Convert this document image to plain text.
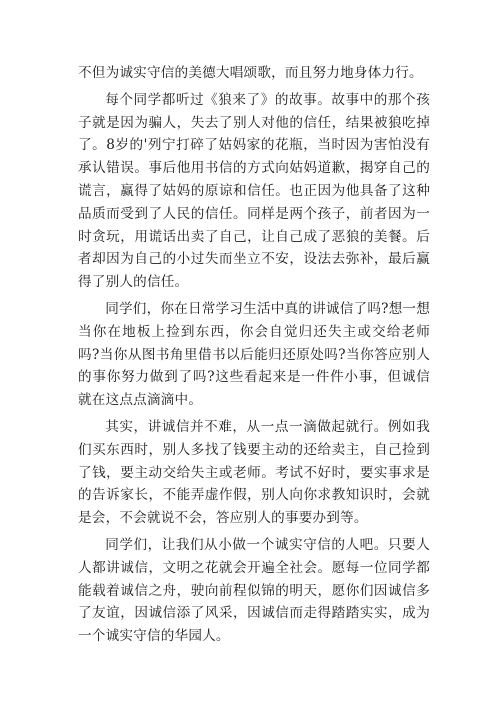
不但为诚实守信的美德大唱颂歌，而且努力地身体力行。

每个同学都听过《狼来了》的故事。故事中的那个孩子就是因为骗人，失去了别人对他的信任，结果被狼吃掉了。8岁的'列宁打碎了姑妈家的花瓶，当时因为害怕没有承认错误。事后他用书信的方式向姑妈道歉，揭穿自己的谎言，赢得了姑妈的原谅和信任。也正因为他具备了这种品质而受到了人民的信任。同样是两个孩子，前者因为一时贪玩，用谎话出卖了自己，让自己成了恶狼的美餐。后者却因为自己的小过失而坐立不安，设法去弥补，最后赢得了别人的信任。

同学们，你在日常学习生活中真的讲诚信了吗?想一想当你在地板上捡到东西，你会自觉归还失主或交给老师吗?当你从图书角里借书以后能归还原处吗?当你答应别人的事你努力做到了吗?这些看起来是一件件小事，但诚信就在这点点滴滴中。

其实，讲诚信并不难，从一点一滴做起就行。例如我们买东西时，别人多找了钱要主动的还给卖主，自己捡到了钱，要主动交给失主或老师。考试不好时，要实事求是的告诉家长，不能弄虚作假，别人向你求教知识时，会就是会，不会就说不会，答应别人的事要办到等。

同学们，让我们从小做一个诚实守信的人吧。只要人人都讲诚信，文明之花就会开遍全社会。愿每一位同学都能载着诚信之舟，驶向前程似锦的明天，愿你们因诚信多了友谊，因诚信添了风采，因诚信而走得踏踏实实，成为一个诚实守信的华园人。
